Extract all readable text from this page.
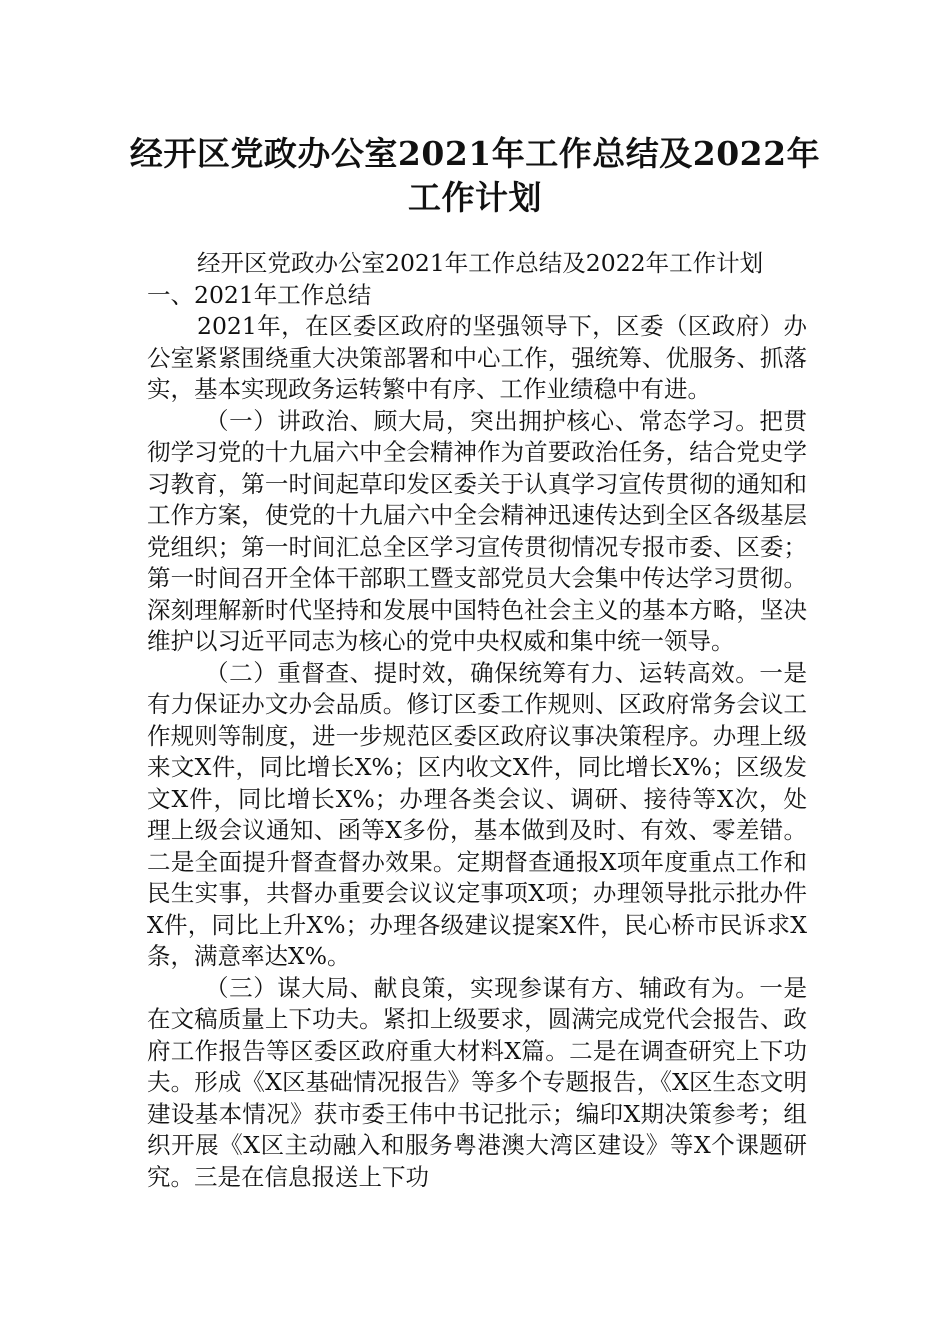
经开区党政办公室2021年工作总结及2022年工作计划

经开区党政办公室2021年工作总结及2022年工作计划

一、2021年工作总结

2021年，在区委区政府的坚强领导下，区委（区政府）办公室紧紧围绕重大决策部署和中心工作，强统筹、优服务、抓落实，基本实现政务运转繁中有序、工作业绩稳中有进。

（一）讲政治、顾大局，突出拥护核心、常态学习。把贯彻学习党的十九届六中全会精神作为首要政治任务，结合党史学习教育，第一时间起草印发区委关于认真学习宣传贯彻的通知和工作方案，使党的十九届六中全会精神迅速传达到全区各级基层党组织；第一时间汇总全区学习宣传贯彻情况专报市委、区委；第一时间召开全体干部职工暨支部党员大会集中传达学习贯彻。深刻理解新时代坚持和发展中国特色社会主义的基本方略，坚决维护以习近平同志为核心的党中央权威和集中统一领导。

（二）重督查、提时效，确保统筹有力、运转高效。一是有力保证办文办会品质。修订区委工作规则、区政府常务会议工作规则等制度，进一步规范区委区政府议事决策程序。办理上级来文X件，同比增长X%；区内收文X件，同比增长X%；区级发文X件，同比增长X%；办理各类会议、调研、接待等X次，处理上级会议通知、函等X多份，基本做到及时、有效、零差错。二是全面提升督查督办效果。定期督查通报X项年度重点工作和民生实事，共督办重要会议议定事项X项；办理领导批示批办件X件，同比上升X%；办理各级建议提案X件，民心桥市民诉求X条，满意率达X%。

（三）谋大局、献良策，实现参谋有方、辅政有为。一是在文稿质量上下功夫。紧扣上级要求，圆满完成党代会报告、政府工作报告等区委区政府重大材料X篇。二是在调查研究上下功夫。形成《X区基础情况报告》等多个专题报告，《X区生态文明建设基本情况》获市委王伟中书记批示；编印X期决策参考；组织开展《X区主动融入和服务粤港澳大湾区建设》等X个课题研究。三是在信息报送上下功
